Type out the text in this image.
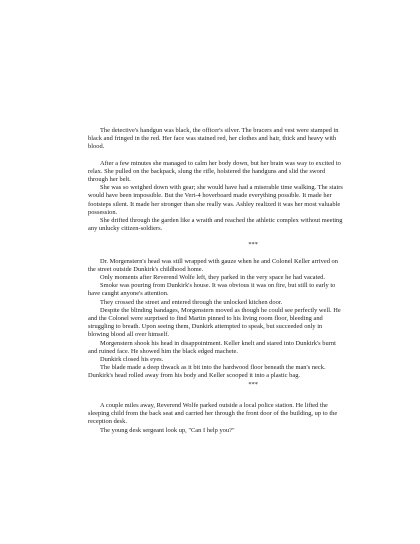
The detective's handgun was black, the officer's silver. The bracers and vest were stamped in black and fringed in the red. Her face was stained red, her clothes and hair, thick and heavy with blood.

After a few minutes she managed to calm her body down, but her brain was way to excited to relax. She pulled on the backpack, slung the rifle, holstered the handguns and slid the sword through her belt.

She was so weighed down with gear; she would have had a miserable time walking. The stairs would have been impossible. But the Vert-4 hoverboard made everything possible. It made her footsteps silent. It made her stronger than she really was. Ashley realized it was her most valuable possession.

She drifted through the garden like a wraith and reached the athletic complex without meeting any unlucky citizen-soldiers.

***

Dr. Morgenstern's head was still wrapped with gauze when he and Colonel Keller arrived on the street outside Dunkirk's childhood home.

Only moments after Reverend Wolfe left, they parked in the very space he had vacated.

Smoke was pouring from Dunkirk's house. It was obvious it was on fire, but still to early to have caught anyone's attention.

They crossed the street and entered through the unlocked kitchen door.

Despite the blinding bandages, Morgenstern moved as though he could see perfectly well. He and the Colonel were surprised to find Martin pinned to his living room floor, bleeding and struggling to breath. Upon seeing them, Dunkirk attempted to speak, but succeeded only in blowing blood all over himself.

Morgenstern shook his head in disappointment. Keller knelt and stared into Dunkirk's burnt and ruined face. He showed him the black edged machete.

Dunkirk closed his eyes.

The blade made a deep thwack as it bit into the hardwood floor beneath the man's neck. Dunkirk's head rolled away from his body and Keller scooped it into a plastic bag.

***

A couple miles away, Reverend Wolfe parked outside a local police station. He lifted the sleeping child from the back seat and carried her through the front door of the building, up to the reception desk.

The young desk sergeant look up, "Can I help you?"
